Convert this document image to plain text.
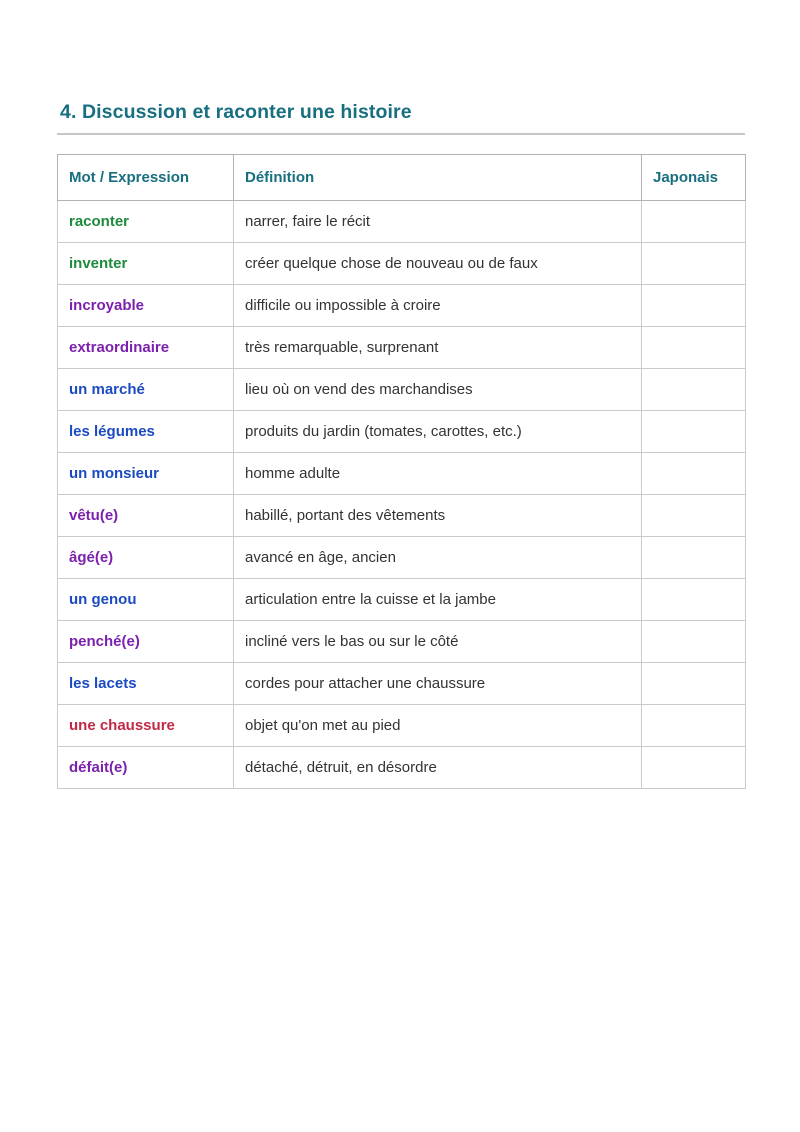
4. Discussion et raconter une histoire
Mot / Expression	Définition	Japonais
raconter	narrer, faire le récit	
inventer	créer quelque chose de nouveau ou de faux	
incroyable	difficile ou impossible à croire	
extraordinaire	très remarquable, surprenant	
un marché	lieu où on vend des marchandises	
les légumes	produits du jardin (tomates, carottes, etc.)	
un monsieur	homme adulte	
vêtu(e)	habillé, portant des vêtements	
âgé(e)	avancé en âge, ancien	
un genou	articulation entre la cuisse et la jambe	
penché(e)	incliné vers le bas ou sur le côté	
les lacets	cordes pour attacher une chaussure	
une chaussure	objet qu'on met au pied	
défait(e)	détaché, détruit, en désordre	
